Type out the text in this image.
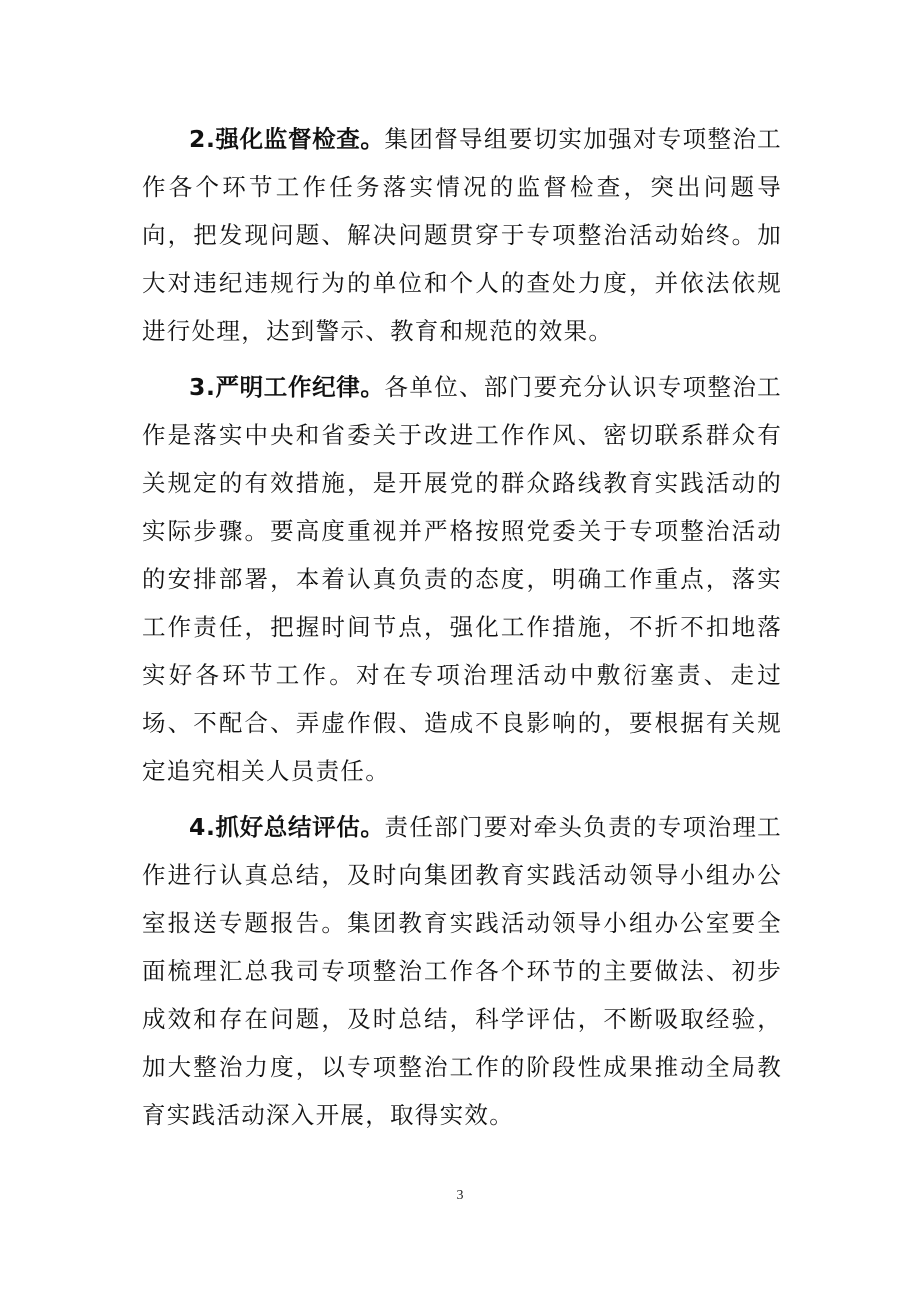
2.强化监督检查。集团督导组要切实加强对专项整治工作各个环节工作任务落实情况的监督检查，突出问题导向，把发现问题、解决问题贯穿于专项整治活动始终。加大对违纪违规行为的单位和个人的查处力度，并依法依规进行处理，达到警示、教育和规范的效果。

3.严明工作纪律。各单位、部门要充分认识专项整治工作是落实中央和省委关于改进工作作风、密切联系群众有关规定的有效措施，是开展党的群众路线教育实践活动的实际步骤。要高度重视并严格按照党委关于专项整治活动的安排部署，本着认真负责的态度，明确工作重点，落实工作责任，把握时间节点，强化工作措施，不折不扣地落实好各环节工作。对在专项治理活动中敷衍塞责、走过场、不配合、弄虚作假、造成不良影响的，要根据有关规定追究相关人员责任。

4.抓好总结评估。责任部门要对牵头负责的专项治理工作进行认真总结，及时向集团教育实践活动领导小组办公室报送专题报告。集团教育实践活动领导小组办公室要全面梳理汇总我司专项整治工作各个环节的主要做法、初步成效和存在问题，及时总结，科学评估，不断吸取经验，加大整治力度，以专项整治工作的阶段性成果推动全局教育实践活动深入开展，取得实效。

3
